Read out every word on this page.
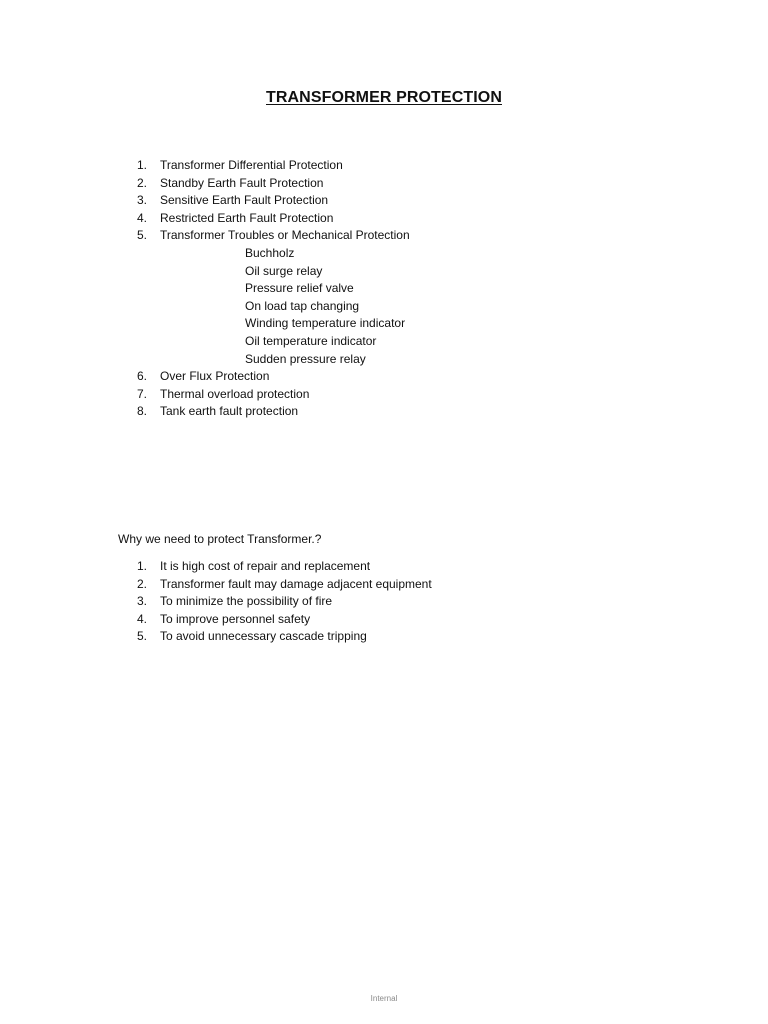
TRANSFORMER PROTECTION
1.	Transformer Differential Protection
2.	Standby Earth Fault Protection
3.	Sensitive Earth Fault Protection
4.	Restricted Earth Fault Protection
5.	Transformer Troubles or Mechanical Protection
Buchholz
Oil surge relay
Pressure relief valve
On load tap changing
Winding temperature indicator
Oil temperature indicator
Sudden pressure relay
6.	Over Flux Protection
7.	Thermal overload protection
8.	Tank earth fault protection
Why we need to protect Transformer.?
1.	It is high cost of repair and replacement
2.	Transformer fault may damage adjacent equipment
3.	To minimize the possibility of fire
4.	To improve personnel safety
5.	To avoid unnecessary cascade tripping
Internal
